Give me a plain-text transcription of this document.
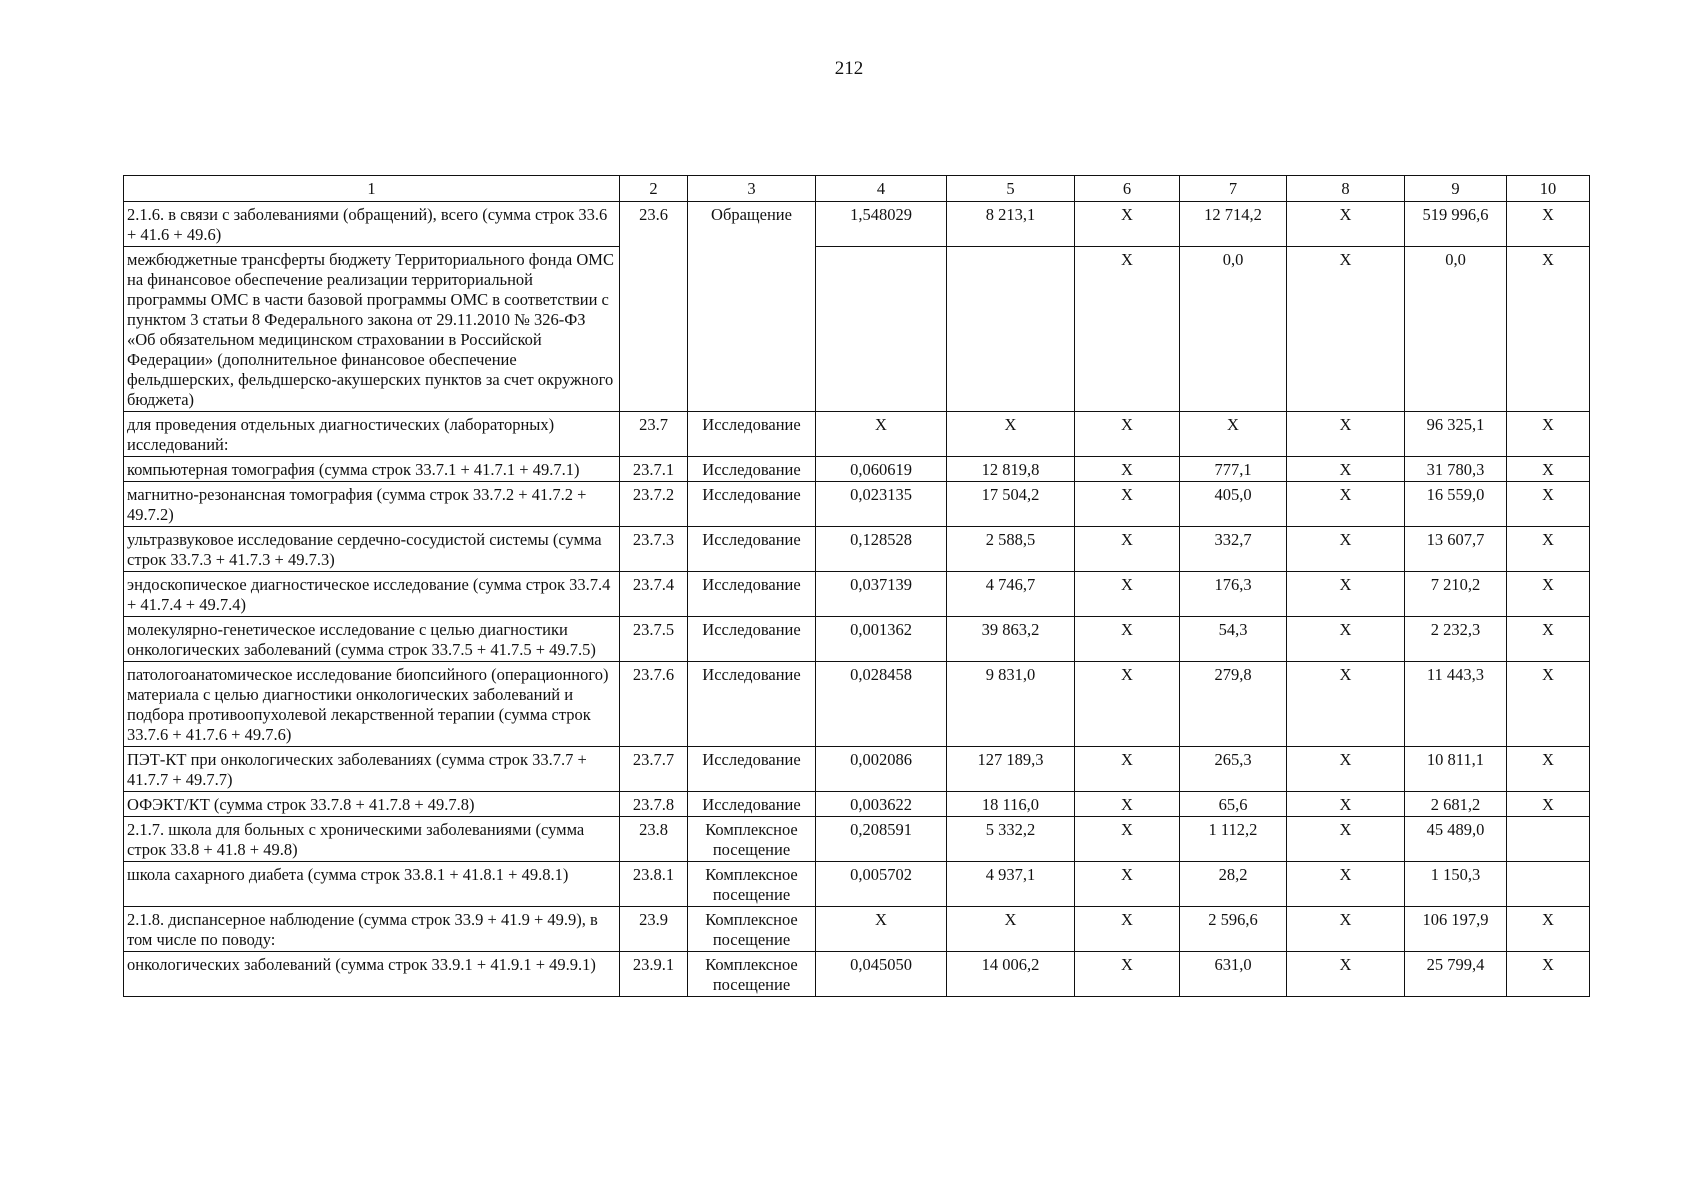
212
1	2	3	4	5	6	7	8	9	10
2.1.6. в связи с заболеваниями (обращений), всего (сумма строк 33.6 + 41.6 + 49.6)	23.6	Обращение	1,548029	8 213,1	Х	12 714,2	Х	519 996,6	Х
межбюджетные трансферты бюджету Территориального фонда ОМС на финансовое обеспечение реализации территориальной программы ОМС в части базовой программы ОМС в соответствии с пунктом 3 статьи 8 Федерального закона от 29.11.2010 № 326-ФЗ «Об обязательном медицинском страховании в Российской Федерации» (дополнительное финансовое обеспечение фельдшерских, фельдшерско-акушерских пунктов за счет окружного бюджета)					Х	0,0	Х	0,0	Х
для проведения отдельных диагностических (лабораторных) исследований:	23.7	Исследование	Х	Х	Х	Х	Х	96 325,1	Х
компьютерная томография (сумма строк 33.7.1 + 41.7.1 + 49.7.1)	23.7.1	Исследование	0,060619	12 819,8	Х	777,1	Х	31 780,3	Х
магнитно-резонансная томография (сумма строк 33.7.2 + 41.7.2 + 49.7.2)	23.7.2	Исследование	0,023135	17 504,2	Х	405,0	Х	16 559,0	Х
ультразвуковое исследование сердечно-сосудистой системы (сумма строк 33.7.3 + 41.7.3 + 49.7.3)	23.7.3	Исследование	0,128528	2 588,5	Х	332,7	Х	13 607,7	Х
эндоскопическое диагностическое исследование (сумма строк 33.7.4 + 41.7.4 + 49.7.4)	23.7.4	Исследование	0,037139	4 746,7	Х	176,3	Х	7 210,2	Х
молекулярно-генетическое исследование с целью диагностики онкологических заболеваний (сумма строк 33.7.5 + 41.7.5 + 49.7.5)	23.7.5	Исследование	0,001362	39 863,2	Х	54,3	Х	2 232,3	Х
патологоанатомическое исследование биопсийного (операционного) материала с целью диагностики онкологических заболеваний и подбора противоопухолевой лекарственной терапии (сумма строк 33.7.6 + 41.7.6 + 49.7.6)	23.7.6	Исследование	0,028458	9 831,0	Х	279,8	Х	11 443,3	Х
ПЭТ-КТ при онкологических заболеваниях (сумма строк 33.7.7 + 41.7.7 + 49.7.7)	23.7.7	Исследование	0,002086	127 189,3	Х	265,3	Х	10 811,1	Х
ОФЭКТ/КТ (сумма строк 33.7.8 + 41.7.8 + 49.7.8)	23.7.8	Исследование	0,003622	18 116,0	Х	65,6	Х	2 681,2	Х
2.1.7. школа для больных с хроническими заболеваниями (сумма строк 33.8 + 41.8 + 49.8)	23.8	Комплексное посещение	0,208591	5 332,2	Х	1 112,2	Х	45 489,0	
школа сахарного диабета (сумма строк 33.8.1 + 41.8.1 + 49.8.1)	23.8.1	Комплексное посещение	0,005702	4 937,1	Х	28,2	Х	1 150,3	
2.1.8. диспансерное наблюдение (сумма строк 33.9 + 41.9 + 49.9), в том числе по поводу:	23.9	Комплексное посещение	Х	Х	Х	2 596,6	Х	106 197,9	Х
онкологических заболеваний (сумма строк 33.9.1 + 41.9.1 + 49.9.1)	23.9.1	Комплексное посещение	0,045050	14 006,2	Х	631,0	Х	25 799,4	Х
